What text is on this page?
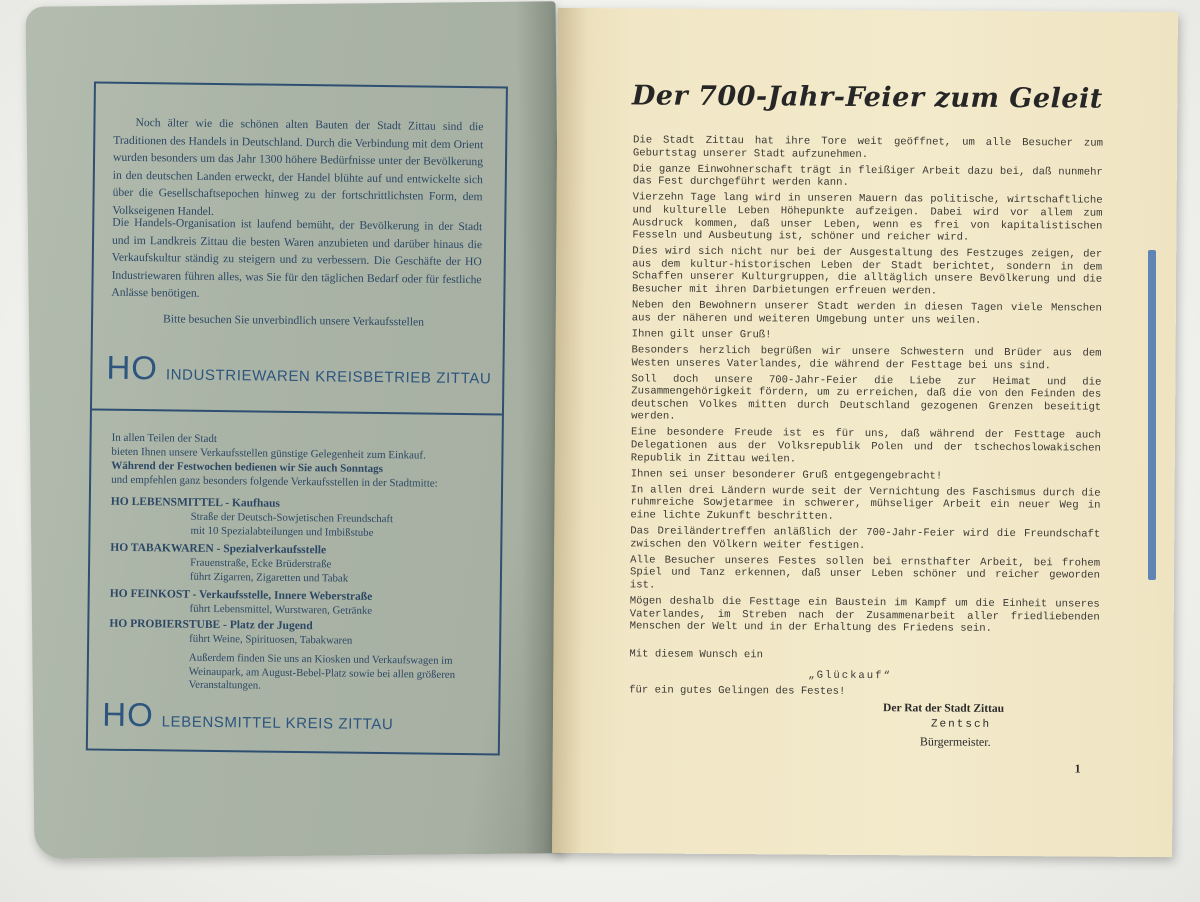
Noch älter wie die schönen alten Bauten der Stadt Zittau sind die Traditionen des Handels in Deutschland. Durch die Verbindung mit dem Orient wurden besonders um das Jahr 1300 höhere Bedürfnisse unter der Bevölkerung in den deutschen Landen erweckt, der Handel blühte auf und entwickelte sich über die Gesellschaftsepochen hinweg zu der fortschrittlichsten Form, dem Volkseigenen Handel.

Die Handels-Organisation ist laufend bemüht, der Bevölkerung in der Stadt und im Landkreis Zittau die besten Waren anzubieten und darüber hinaus die Verkaufskultur ständig zu steigern und zu verbessern. Die Geschäfte der HO Industriewaren führen alles, was Sie für den täglichen Bedarf oder für festliche Anlässe benötigen.

Bitte besuchen Sie unverbindlich unsere Verkaufsstellen

HO INDUSTRIEWAREN KREISBETRIEB ZITTAU
In allen Teilen der Stadt
bieten Ihnen unsere Verkaufsstellen günstige Gelegenheit zum Einkauf.
Während der Festwochen bedienen wir Sie auch Sonntags
und empfehlen ganz besonders folgende Verkaufsstellen in der Stadtmitte:
HO LEBENSMITTEL - Kaufhaus
Straße der Deutsch-Sowjetischen Freundschaft
mit 10 Spezialabteilungen und Imbißstube
HO TABAKWAREN - Spezialverkaufsstelle
Frauenstraße, Ecke Brüderstraße
führt Zigarren, Zigaretten und Tabak
HO FEINKOST - Verkaufsstelle, Innere Weberstraße
führt Lebensmittel, Wurstwaren, Getränke
HO PROBIERSTUBE - Platz der Jugend
führt Weine, Spirituosen, Tabakwaren
Außerdem finden Sie uns an Kiosken und Verkaufswagen im Weinaupark, am August-Bebel-Platz sowie bei allen größeren Veranstaltungen.
HO LEBENSMITTEL KREIS ZITTAU
Der 700-Jahr-Feier zum Geleit

Die Stadt Zittau hat ihre Tore weit geöffnet, um alle Besucher zum Geburtstag unserer Stadt aufzunehmen.

Die ganze Einwohnerschaft trägt in fleißiger Arbeit dazu bei, daß nunmehr das Fest durchgeführt werden kann.

Vierzehn Tage lang wird in unseren Mauern das politische, wirtschaftliche und kulturelle Leben Höhepunkte aufzeigen. Dabei wird vor allem zum Ausdruck kommen, daß unser Leben, wenn es frei von kapitalistischen Fesseln und Ausbeutung ist, schöner und reicher wird.

Dies wird sich nicht nur bei der Ausgestaltung des Festzuges zeigen, der aus dem kultur-historischen Leben der Stadt berichtet, sondern in dem Schaffen unserer Kulturgruppen, die alltäglich unsere Bevölkerung und die Besucher mit ihren Darbietungen erfreuen werden.

Neben den Bewohnern unserer Stadt werden in diesen Tagen viele Menschen aus der näheren und weiteren Umgebung unter uns weilen.

Ihnen gilt unser Gruß!

Besonders herzlich begrüßen wir unsere Schwestern und Brüder aus dem Westen unseres Vaterlandes, die während der Festtage bei uns sind.

Soll doch unsere 700-Jahr-Feier die Liebe zur Heimat und die Zusammengehörigkeit fördern, um zu erreichen, daß die von den Feinden des deutschen Volkes mitten durch Deutschland gezogenen Grenzen beseitigt werden.

Eine besondere Freude ist es für uns, daß während der Festtage auch Delegationen aus der Volksrepublik Polen und der tschechoslowakischen Republik in Zittau weilen.

Ihnen sei unser besonderer Gruß entgegengebracht!

In allen drei Ländern wurde seit der Vernichtung des Faschismus durch die ruhmreiche Sowjetarmee in schwerer, mühseliger Arbeit ein neuer Weg in eine lichte Zukunft beschritten.

Das Dreiländertreffen anläßlich der 700-Jahr-Feier wird die Freundschaft zwischen den Völkern weiter festigen.

Alle Besucher unseres Festes sollen bei ernsthafter Arbeit, bei frohem Spiel und Tanz erkennen, daß unser Leben schöner und reicher geworden ist.

Mögen deshalb die Festtage ein Baustein im Kampf um die Einheit unseres Vaterlandes, im Streben nach der Zusammenarbeit aller friedliebenden Menschen der Welt und in der Erhaltung des Friedens sein.

Mit diesem Wunsch ein
„Glückauf“
für ein gutes Gelingen des Festes!
Der Rat der Stadt Zittau
Zentsch
Bürgermeister.
1
